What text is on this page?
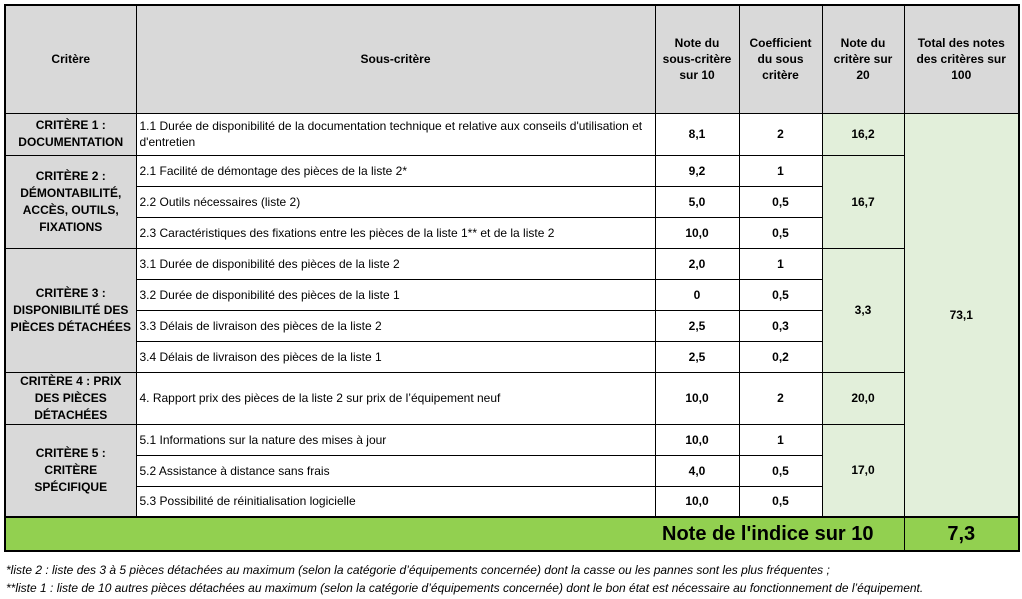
Critère	Sous-critère	Note du sous-critère sur 10	Coefficient du sous critère	Note du critère sur 20	Total des notes des critères sur 100
CRITÈRE 1 : DOCUMENTATION	1.1 Durée de disponibilité de la documentation technique et relative aux conseils d'utilisation et d'entretien	8,1	2	16,2	73,1
CRITÈRE 2 : DÉMONTABILITÉ, ACCÈS, OUTILS, FIXATIONS	2.1 Facilité de démontage des pièces de la liste 2*	9,2	1	16,7	
	2.2 Outils nécessaires (liste 2)	5,0	0,5		
	2.3 Caractéristiques des fixations entre les pièces de la liste 1** et de la liste 2	10,0	0,5		
CRITÈRE 3 : DISPONIBILITÉ DES PIÈCES DÉTACHÉES	3.1 Durée de disponibilité des pièces de la liste 2	2,0	1	3,3	
	3.2 Durée de disponibilité des pièces de la liste 1	0	0,5		
	3.3 Délais de livraison des pièces de la liste 2	2,5	0,3		
	3.4 Délais de livraison des pièces de la liste 1	2,5	0,2		
CRITÈRE 4 : PRIX DES PIÈCES DÉTACHÉES	4. Rapport prix des pièces de la liste 2 sur prix de l’équipement neuf	10,0	2	20,0	
CRITÈRE 5 : CRITÈRE SPÉCIFIQUE	5.1 Informations sur la nature des mises à jour	10,0	1	17,0	
	5.2 Assistance à distance sans frais	4,0	0,5		
	5.3 Possibilité de réinitialisation logicielle	10,0	0,5		
Note de l'indice sur 10					7,3
*liste 2 : liste des 3 à 5 pièces détachées au maximum (selon la catégorie d’équipements concernée) dont la casse ou les pannes sont les plus fréquentes ;
**liste 1 : liste de 10 autres pièces détachées au maximum (selon la catégorie d’équipements concernée) dont le bon état est nécessaire au fonctionnement de l’équipement.
